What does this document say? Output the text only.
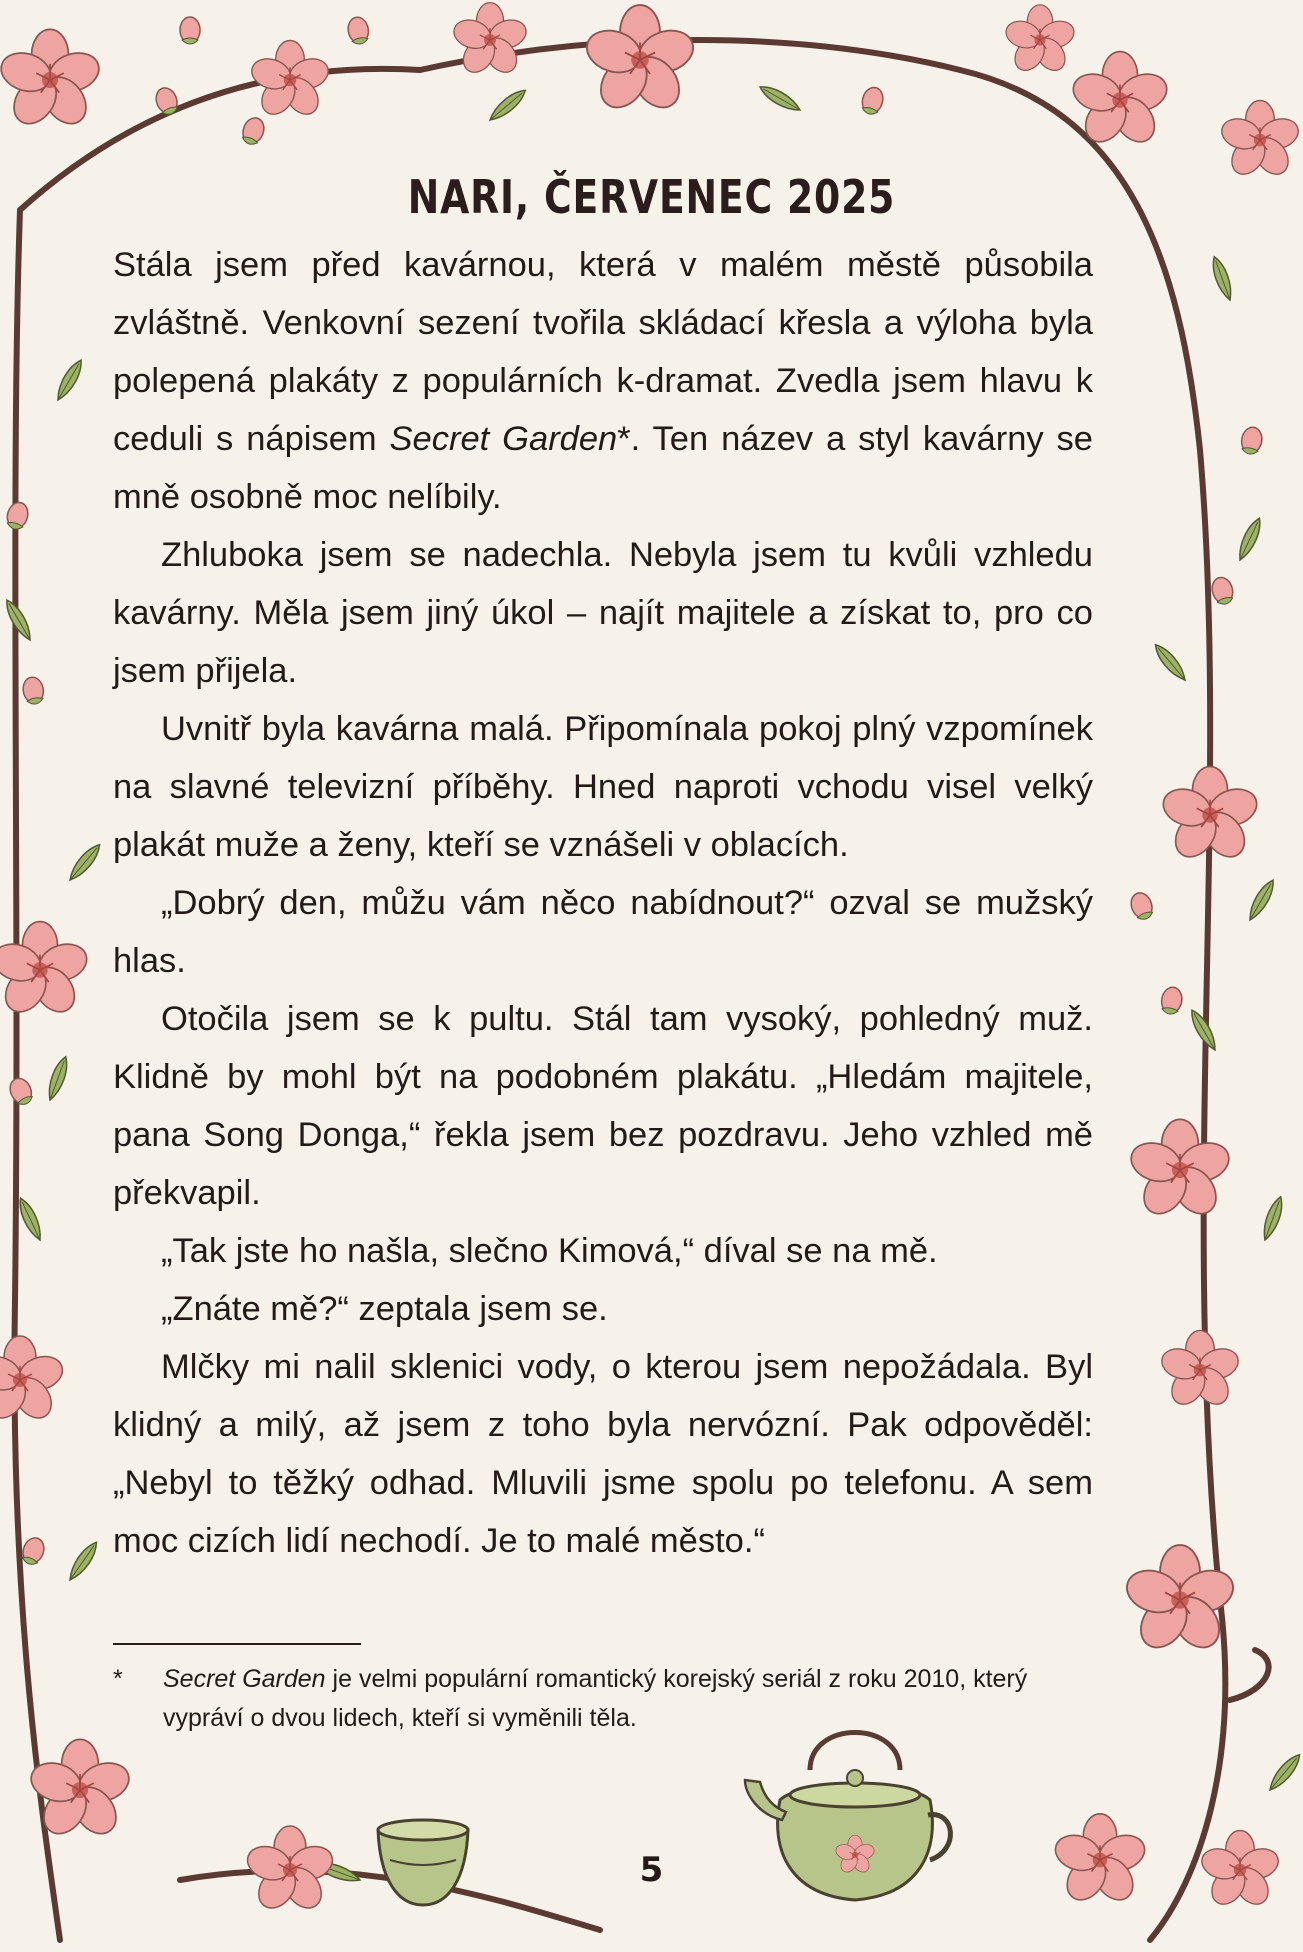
NARI, ČERVENEC 2025

Stála jsem před kavárnou, která v malém městě působila zvláštně. Venkovní sezení tvořila skládací křesla a výloha byla polepená plakáty z populárních k-dramat. Zvedla jsem hlavu k ceduli s nápisem Secret Garden*. Ten název a styl kavárny se mně osobně moc nelíbily.

Zhluboka jsem se nadechla. Nebyla jsem tu kvůli vzhledu kavárny. Měla jsem jiný úkol – najít majitele a získat to, pro co jsem přijela.

Uvnitř byla kavárna malá. Připomínala pokoj plný vzpomínek na slavné televizní příběhy. Hned naproti vchodu visel velký plakát muže a ženy, kteří se vznášeli v oblacích.

„Dobrý den, můžu vám něco nabídnout?“ ozval se mužský hlas.

Otočila jsem se k pultu. Stál tam vysoký, pohledný muž. Klidně by mohl být na podobném plakátu. „Hledám majitele, pana Song Donga,“ řekla jsem bez pozdravu. Jeho vzhled mě překvapil.

„Tak jste ho našla, slečno Kimová,“ díval se na mě.

„Znáte mě?“ zeptala jsem se.

Mlčky mi nalil sklenici vody, o kterou jsem nepožádala. Byl klidný a milý, až jsem z toho byla nervózní. Pak odpověděl: „Nebyl to těžký odhad. Mluvili jsme spolu po telefonu. A sem moc cizích lidí nechodí. Je to malé město.“

*	Secret Garden je velmi populární romantický korejský seriál z roku 2010, který vypráví o dvou lidech, kteří si vyměnili těla.
5
